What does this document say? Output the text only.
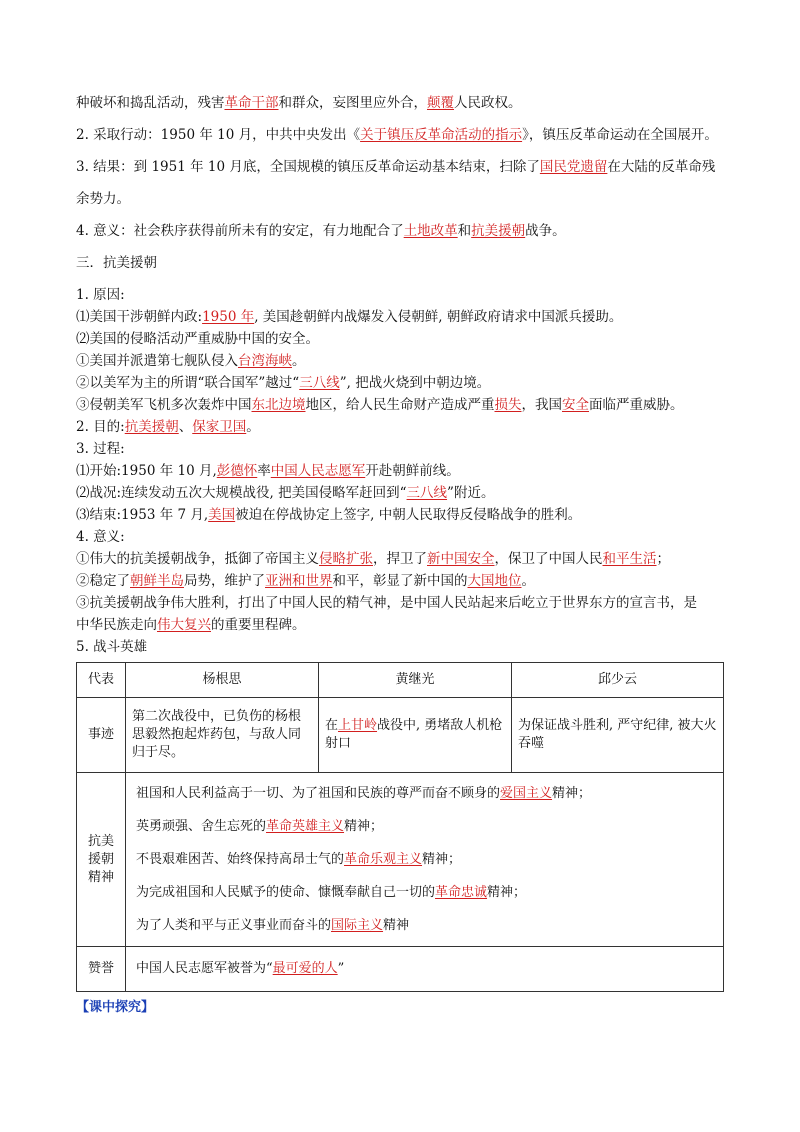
种破坏和捣乱活动，残害革命干部和群众，妄图里应外合，颠覆人民政权。

2. 采取行动：1950 年 10 月，中共中央发出《关于镇压反革命活动的指示》，镇压反革命运动在全国展开。

3. 结果：到 1951 年 10 月底，全国规模的镇压反革命运动基本结束，扫除了国民党遗留在大陆的反革命残

余势力。

4. 意义：社会秩序获得前所未有的安定，有力地配合了土地改革和抗美援朝战争。

三．抗美援朝

1. 原因:

⑴美国干涉朝鲜内政:1950 年, 美国趁朝鲜内战爆发入侵朝鲜, 朝鲜政府请求中国派兵援助。

⑵美国的侵略活动严重威胁中国的安全。

①美国并派遣第七舰队侵入台湾海峡。

②以美军为主的所谓“联合国军”越过“三八线”, 把战火烧到中朝边境。

③侵朝美军飞机多次轰炸中国东北边境地区，给人民生命财产造成严重损失，我国安全面临严重威胁。

2. 目的:抗美援朝、保家卫国。

3. 过程:

⑴开始:1950 年 10 月,彭德怀率中国人民志愿军开赴朝鲜前线。

⑵战况:连续发动五次大规模战役, 把美国侵略军赶回到“三八线”附近。

⑶结束:1953 年 7 月,美国被迫在停战协定上签字, 中朝人民取得反侵略战争的胜利。

4. 意义:

①伟大的抗美援朝战争，抵御了帝国主义侵略扩张，捍卫了新中国安全，保卫了中国人民和平生活；

②稳定了朝鲜半岛局势，维护了亚洲和世界和平，彰显了新中国的大国地位。

③抗美援朝战争伟大胜利，打出了中国人民的精气神，是中国人民站起来后屹立于世界东方的宣言书，是

中华民族走向伟大复兴的重要里程碑。

5. 战斗英雄

代表	杨根思	黄继光	邱少云
事迹	第二次战役中，已负伤的杨根思毅然抱起炸药包，与敌人同归于尽。	在上甘岭战役中, 勇堵敌人机枪射口	为保证战斗胜利, 严守纪律, 被大火吞噬
抗美援朝精神	祖国和人民利益高于一切、为了祖国和民族的尊严而奋不顾身的爱国主义精神；

英勇顽强、舍生忘死的革命英雄主义精神；

不畏艰难困苦、始终保持高昂士气的革命乐观主义精神；

为完成祖国和人民赋予的使命、慷慨奉献自己一切的革命忠诚精神；

为了人类和平与正义事业而奋斗的国际主义精神		

赞誉	中国人民志愿军被誉为“最可爱的人”		
【课中探究】
